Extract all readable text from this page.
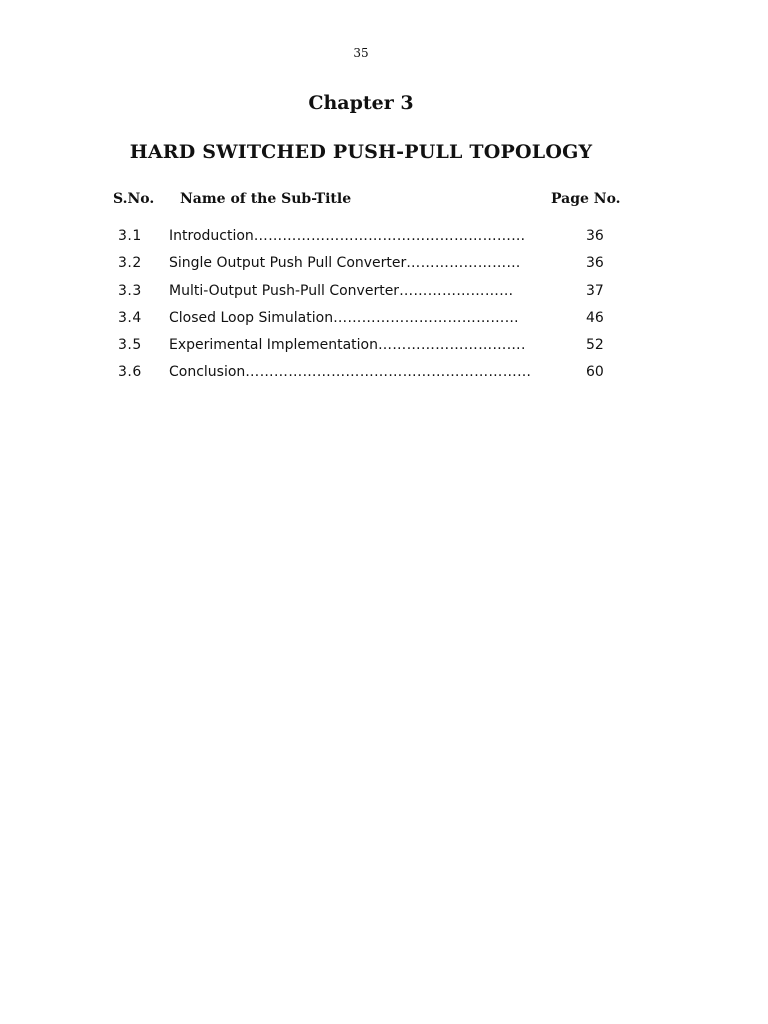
35
Chapter 3
HARD SWITCHED PUSH-PULL TOPOLOGY
S.No. Name of the Sub-Title	Page No.
3.1 Introduction…………………………………………………	36
3.2 Single Output Push Pull Converter……………………	36
3.3 Multi-Output Push-Pull Converter……………………	37
3.4 Closed Loop Simulation…………………………………	46
3.5 Experimental Implementation………………………….	52
3.6 Conclusion……………………………………………………	60
